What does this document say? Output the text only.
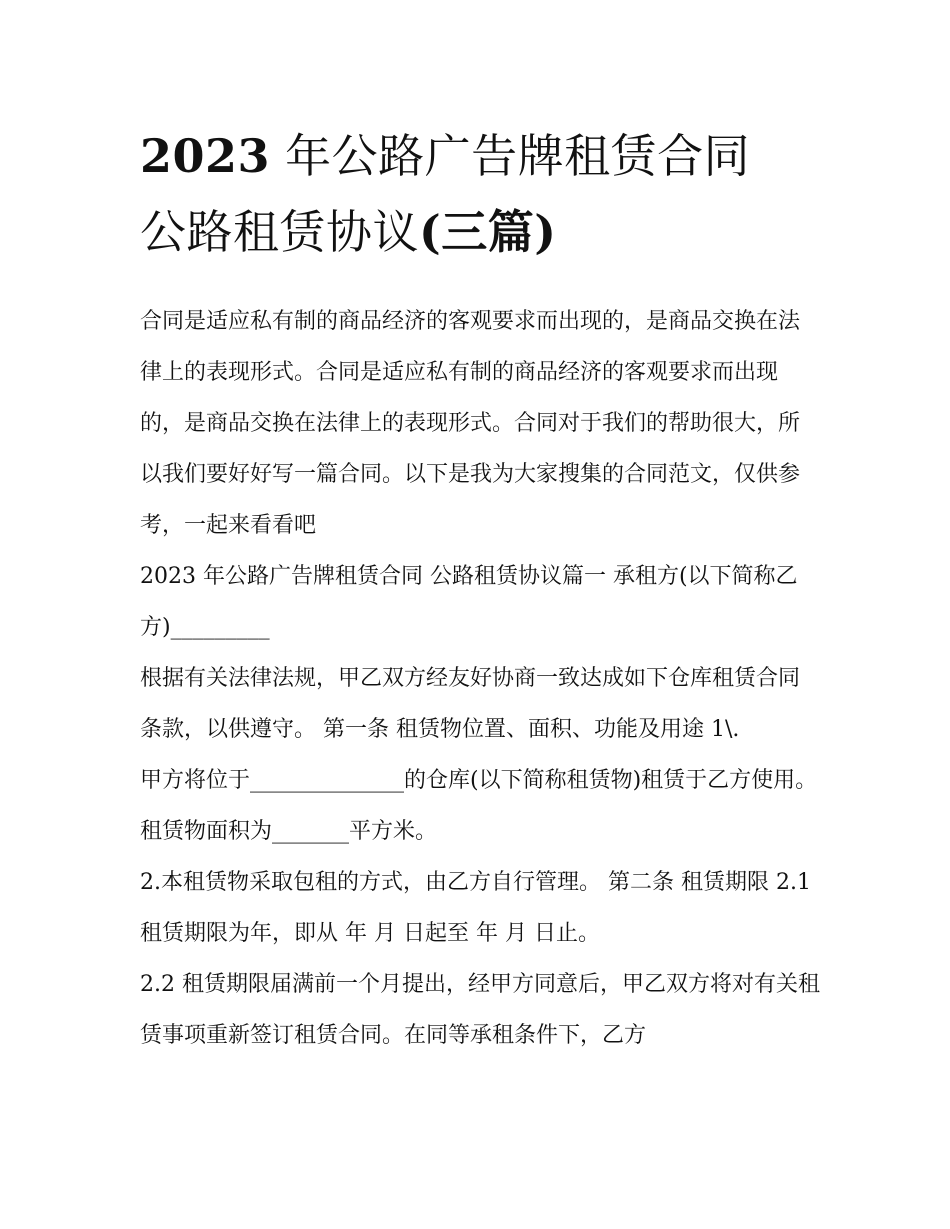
2023 年公路广告牌租赁合同
公路租赁协议(三篇)

合同是适应私有制的商品经济的客观要求而出现的，是商品交换在法律上的表现形式。合同是适应私有制的商品经济的客观要求而出现的，是商品交换在法律上的表现形式。合同对于我们的帮助很大，所以我们要好好写一篇合同。以下是我为大家搜集的合同范文，仅供参考，一起来看看吧

2023 年公路广告牌租赁合同 公路租赁协议篇一 承租方(以下简称乙方)_________

根据有关法律法规，甲乙双方经友好协商一致达成如下仓库租赁合同条款，以供遵守。 第一条 租赁物位置、面积、功能及用途 1\.

甲方将位于______________的仓库(以下简称租赁物)租赁于乙方使用。租赁物面积为_______平方米。

2.本租赁物采取包租的方式，由乙方自行管理。 第二条 租赁期限 2.1 租赁期限为年，即从 年 月 日起至 年 月 日止。

2.2 租赁期限届满前一个月提出，经甲方同意后，甲乙双方将对有关租赁事项重新签订租赁合同。在同等承租条件下，乙方
